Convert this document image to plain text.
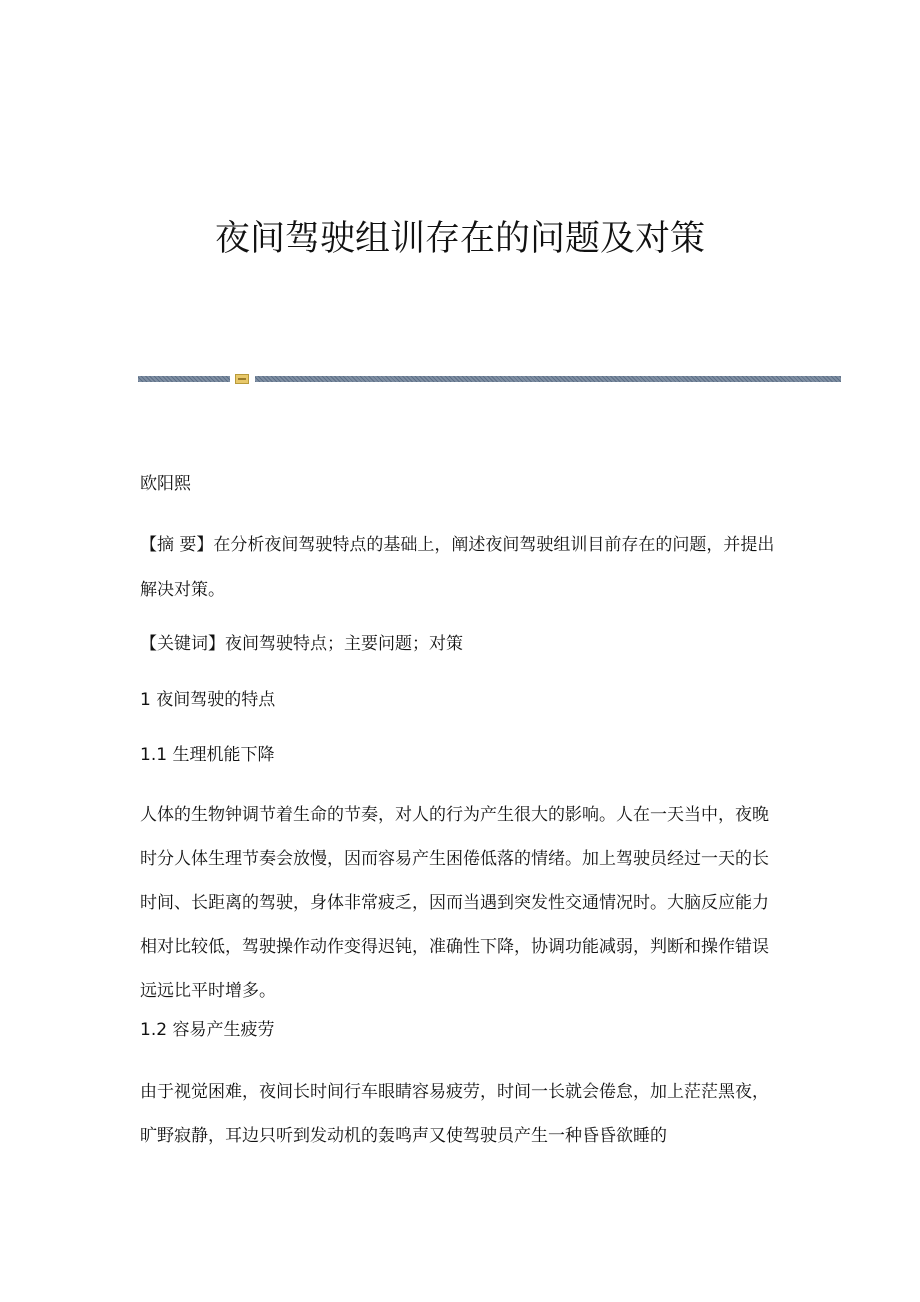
夜间驾驶组训存在的问题及对策

欧阳熙

【摘 要】在分析夜间驾驶特点的基础上，阐述夜间驾驶组训目前存在的问题，并提出解决对策。

【关键词】夜间驾驶特点；主要问题；对策

1 夜间驾驶的特点

1.1 生理机能下降

人体的生物钟调节着生命的节奏，对人的行为产生很大的影响。人在一天当中，夜晚时分人体生理节奏会放慢，因而容易产生困倦低落的情绪。加上驾驶员经过一天的长时间、长距离的驾驶，身体非常疲乏，因而当遇到突发性交通情况时。大脑反应能力相对比较低，驾驶操作动作变得迟钝，准确性下降，协调功能减弱，判断和操作错误远远比平时增多。

1.2 容易产生疲劳

由于视觉困难，夜间长时间行车眼睛容易疲劳，时间一长就会倦怠，加上茫茫黑夜，旷野寂静，耳边只听到发动机的轰鸣声又使驾驶员产生一种昏昏欲睡的
